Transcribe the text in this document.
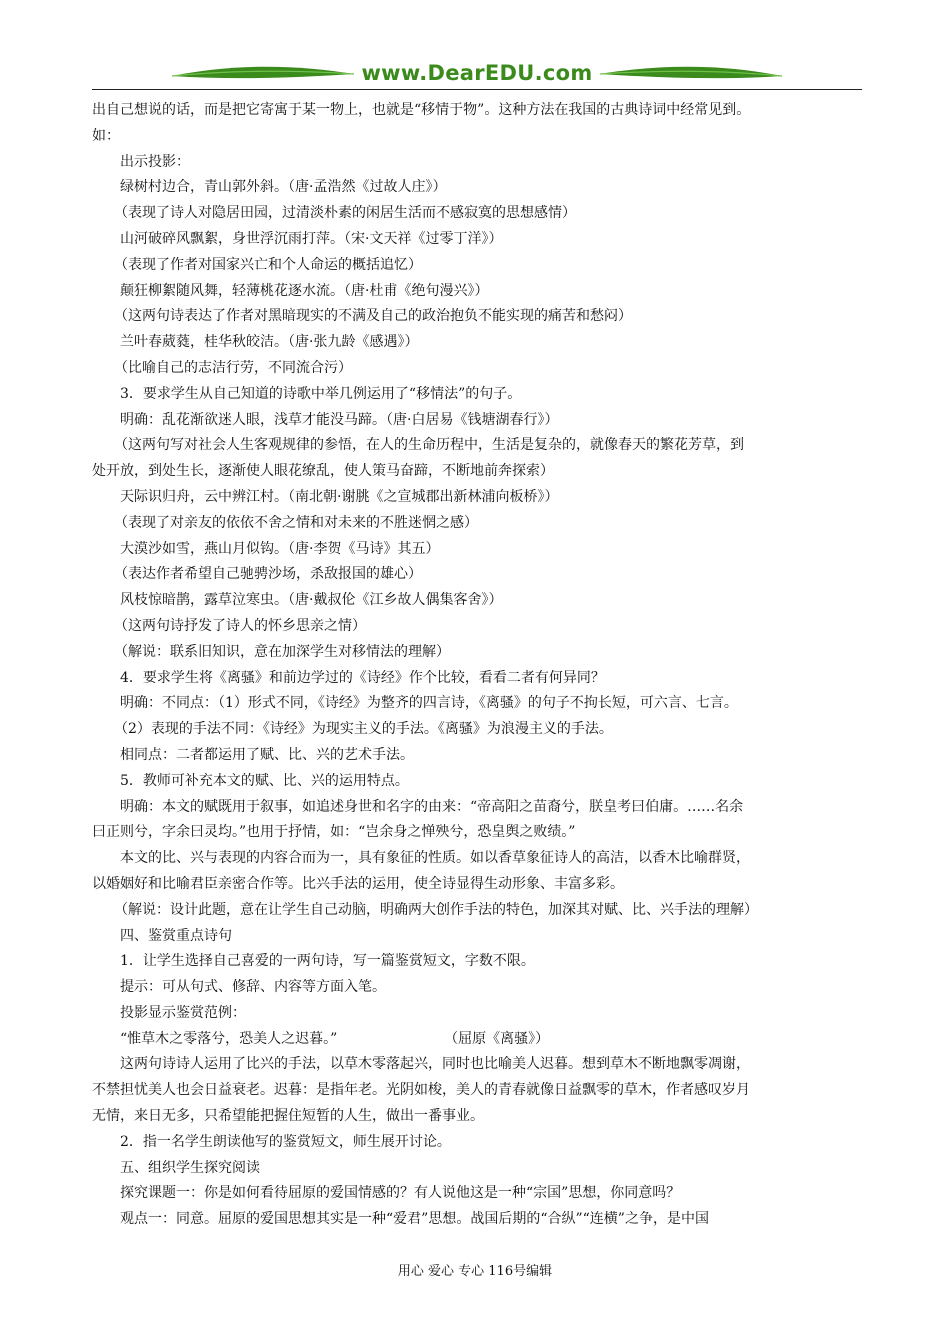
www.DearEDU.com
出自己想说的话，而是把它寄寓于某一物上，也就是“移情于物”。这种方法在我国的古典诗词中经常见到。
如：
出示投影：
绿树村边合，青山郭外斜。（唐·孟浩然《过故人庄》）
（表现了诗人对隐居田园，过清淡朴素的闲居生活而不感寂寞的思想感情）
山河破碎风飘絮，身世浮沉雨打萍。（宋·文天祥《过零丁洋》）
（表现了作者对国家兴亡和个人命运的概括追忆）
颠狂柳絮随风舞，轻薄桃花逐水流。（唐·杜甫《绝句漫兴》）
（这两句诗表达了作者对黑暗现实的不满及自己的政治抱负不能实现的痛苦和愁闷）
兰叶春葳蕤，桂华秋皎洁。（唐·张九龄《感遇》）
（比喻自己的志洁行劳，不同流合污）
3．要求学生从自己知道的诗歌中举几例运用了“移情法”的句子。
明确：乱花渐欲迷人眼，浅草才能没马蹄。（唐·白居易《钱塘湖春行》）
（这两句写对社会人生客观规律的参悟，在人的生命历程中，生活是复杂的，就像春天的繁花芳草，到
处开放，到处生长，逐渐使人眼花缭乱，使人策马奋蹄，不断地前奔探索）
天际识归舟，云中辨江村。（南北朝·谢朓《之宣城郡出新林浦向板桥》）
（表现了对亲友的依依不舍之情和对未来的不胜迷惘之感）
大漠沙如雪，燕山月似钩。（唐·李贺《马诗》其五）
（表达作者希望自己驰骋沙场，杀敌报国的雄心）
风枝惊暗鹊，露草泣寒虫。（唐·戴叔伦《江乡故人偶集客舍》）
（这两句诗抒发了诗人的怀乡思亲之情）
（解说：联系旧知识，意在加深学生对移情法的理解）
4．要求学生将《离骚》和前边学过的《诗经》作个比较，看看二者有何异同？
明确：不同点：（1）形式不同，《诗经》为整齐的四言诗，《离骚》的句子不拘长短，可六言、七言。
（2）表现的手法不同：《诗经》为现实主义的手法。《离骚》为浪漫主义的手法。
相同点：二者都运用了赋、比、兴的艺术手法。
5．教师可补充本文的赋、比、兴的运用特点。
明确：本文的赋既用于叙事，如追述身世和名字的由来：“帝高阳之苗裔兮，朕皇考曰伯庸。……名余
曰正则兮，字余曰灵均。”也用于抒情，如：“岂余身之惮殃兮，恐皇舆之败绩。”
本文的比、兴与表现的内容合而为一，具有象征的性质。如以香草象征诗人的高洁，以香木比喻群贤，
以婚姻好和比喻君臣亲密合作等。比兴手法的运用，使全诗显得生动形象、丰富多彩。
（解说：设计此题，意在让学生自己动脑，明确两大创作手法的特色，加深其对赋、比、兴手法的理解）
四、鉴赏重点诗句
1．让学生选择自己喜爱的一两句诗，写一篇鉴赏短文，字数不限。
提示：可从句式、修辞、内容等方面入笔。
投影显示鉴赏范例：
“惟草木之零落兮，恐美人之迟暮。”                        （屈原《离骚》）
这两句诗诗人运用了比兴的手法，以草木零落起兴，同时也比喻美人迟暮。想到草木不断地飘零凋谢，
不禁担忧美人也会日益衰老。迟暮：是指年老。光阴如梭，美人的青春就像日益飘零的草木，作者感叹岁月
无情，来日无多，只希望能把握住短暂的人生，做出一番事业。
2．指一名学生朗读他写的鉴赏短文，师生展开讨论。
五、组织学生探究阅读
探究课题一：你是如何看待屈原的爱国情感的？有人说他这是一种“宗国”思想，你同意吗？
观点一：同意。屈原的爱国思想其实是一种“爱君”思想。战国后期的“合纵”“连横”之争，是中国
用心 爱心 专心 116号编辑
